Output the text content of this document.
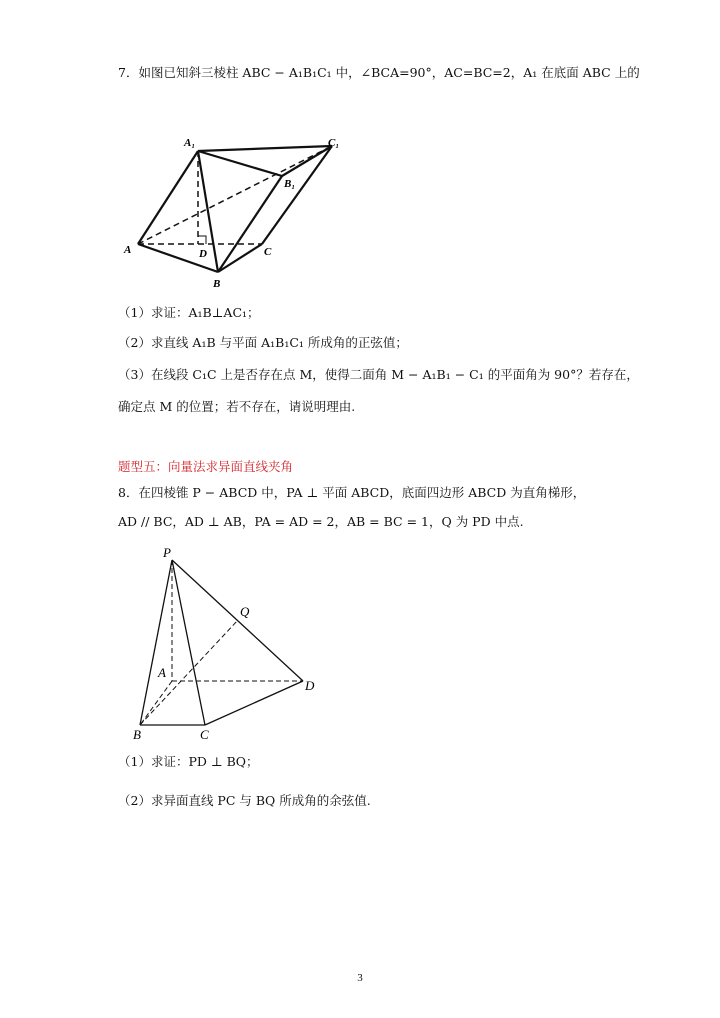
7．如图已知斜三棱柱 ABC − A₁B₁C₁ 中，∠BCA=90°，AC=BC=2，A₁ 在底面 ABC 上的
A₁	C₁
B₁
A	D	C
B
（1）求证：A₁B⊥AC₁；
（2）求直线 A₁B 与平面 A₁B₁C₁ 所成角的正弦值；
（3）在线段 C₁C 上是否存在点 M，使得二面角 M − A₁B₁ − C₁ 的平面角为 90°？若存在，
确定点 M 的位置；若不存在，请说明理由.
题型五：向量法求异面直线夹角
8．在四棱锥 P − ABCD 中，PA ⊥ 平面 ABCD，底面四边形 ABCD 为直角梯形，
AD // BC，AD ⊥ AB，PA = AD = 2，AB = BC = 1，Q 为 PD 中点.
P
Q
A
D
B	C
（1）求证：PD ⊥ BQ；
（2）求异面直线 PC 与 BQ 所成角的余弦值.
3
